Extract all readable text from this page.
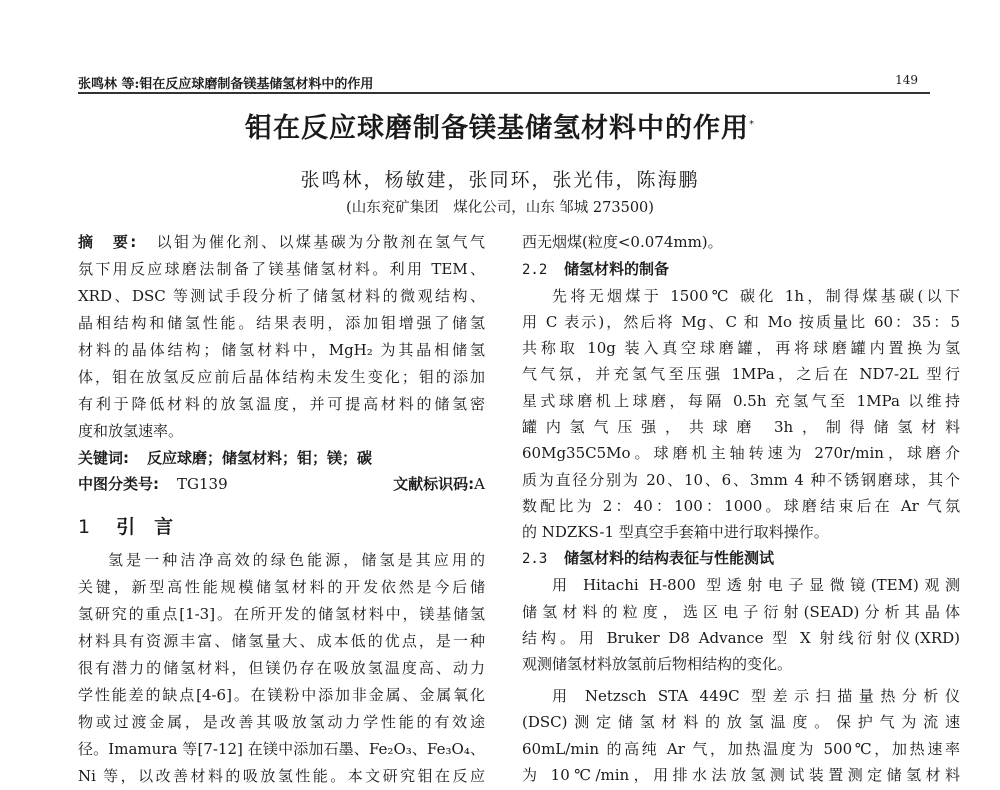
张鸣林 等:钼在反应球磨制备镁基储氢材料中的作用	149
钼在反应球磨制备镁基储氢材料中的作用*
张鸣林，杨敏建，张同环，张光伟，陈海鹏
(山东兖矿集团　煤化公司，山东 邹城 273500)
摘　要: 以钼为催化剂、以煤基碳为分散剂在氢气气
氛下用反应球磨法制备了镁基储氢材料。利用 TEM、
XRD、DSC 等测试手段分析了储氢材料的微观结构、
晶相结构和储氢性能。结果表明，添加钼增强了储氢
材料的晶体结构；储氢材料中，MgH₂ 为其晶相储氢
体，钼在放氢反应前后晶体结构未发生变化；钼的添加
有利于降低材料的放氢温度，并可提高材料的储氢密
度和放氢速率。
关键词: 反应球磨；储氢材料；钼；镁；碳
中图分类号: TG139	文献标识码:A
1 引　言
氢是一种洁净高效的绿色能源，储氢是其应用的
关键，新型高性能规模储氢材料的开发依然是今后储
氢研究的重点[1-3]。在所开发的储氢材料中，镁基储氢
材料具有资源丰富、储氢量大、成本低的优点，是一种
很有潜力的储氢材料，但镁仍存在吸放氢温度高、动力
学性能差的缺点[4-6]。在镁粉中添加非金属、金属氧化
物或过渡金属，是改善其吸放氢动力学性能的有效途
径。Imamura 等[7-12] 在镁中添加石墨、Fe₂O₃、Fe₃O₄、
Ni 等，以改善材料的吸放氢性能。本文研究钼在反应
西无烟煤(粒度<0.074mm)。
2.2 储氢材料的制备
先将无烟煤于 1500℃ 碳化 1h，制得煤基碳(以下
用 C 表示)，然后将 Mg、C 和 Mo 按质量比 60：35：5
共称取 10g 装入真空球磨罐，再将球磨罐内置换为氢
气气氛，并充氢气至压强 1MPa，之后在 ND7-2L 型行
星式球磨机上球磨，每隔 0.5h 充氢气至 1MPa 以维持
罐内氢气压强，共球磨 3h，制得储氢材料
60Mg35C5Mo。球磨机主轴转速为 270r/min，球磨介
质为直径分别为 20、10、6、3mm 4 种不锈钢磨球，其个
数配比为 2：40：100：1000。球磨结束后在 Ar 气氛
的 NDZKS-1 型真空手套箱中进行取料操作。
2.3 储氢材料的结构表征与性能测试
用 Hitachi H-800 型透射电子显微镜(TEM)观测
储氢材料的粒度，选区电子衍射(SEAD)分析其晶体
结构。用 Bruker D8 Advance 型 X 射线衍射仪(XRD)
观测储氢材料放氢前后物相结构的变化。
用 Netzsch STA 449C 型差示扫描量热分析仪
(DSC)测定储氢材料的放氢温度。保护气为流速
60mL/min 的高纯 Ar 气，加热温度为 500℃，加热速率
为 10℃/min，用排水法放氢测试装置测定储氢材料
